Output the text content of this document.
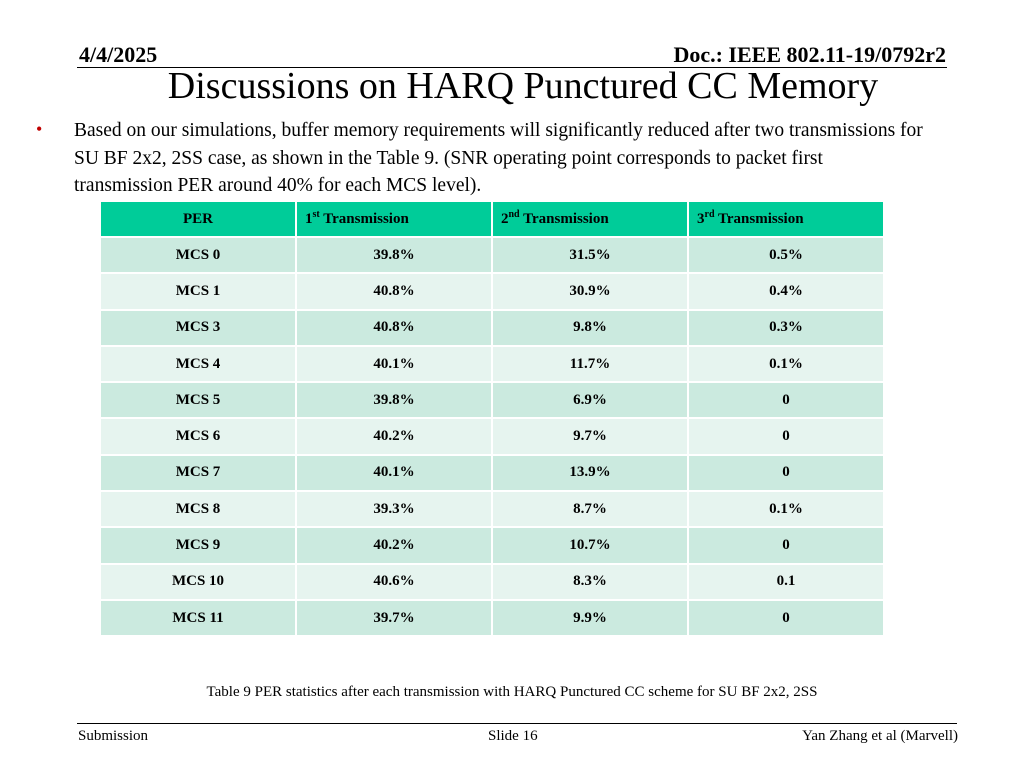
4/4/2025	Doc.: IEEE 802.11-19/0792r2
Discussions on HARQ Punctured CC Memory
• Based on our simulations, buffer memory requirements will significantly reduced after two transmissions for SU BF 2x2, 2SS case, as shown in the Table 9. (SNR operating point corresponds to packet first transmission PER around 40% for each MCS level).
PER	1st Transmission	2nd Transmission	3rd Transmission
MCS 0	39.8%	31.5%	0.5%
MCS 1	40.8%	30.9%	0.4%
MCS 3	40.8%	9.8%	0.3%
MCS 4	40.1%	11.7%	0.1%
MCS 5	39.8%	6.9%	0
MCS 6	40.2%	9.7%	0
MCS 7	40.1%	13.9%	0
MCS 8	39.3%	8.7%	0.1%
MCS 9	40.2%	10.7%	0
MCS 10	40.6%	8.3%	0.1
MCS 11	39.7%	9.9%	0
Table 9 PER statistics after each transmission with HARQ Punctured CC scheme for SU BF 2x2, 2SS
Submission	Slide 16	Yan Zhang et al (Marvell)
